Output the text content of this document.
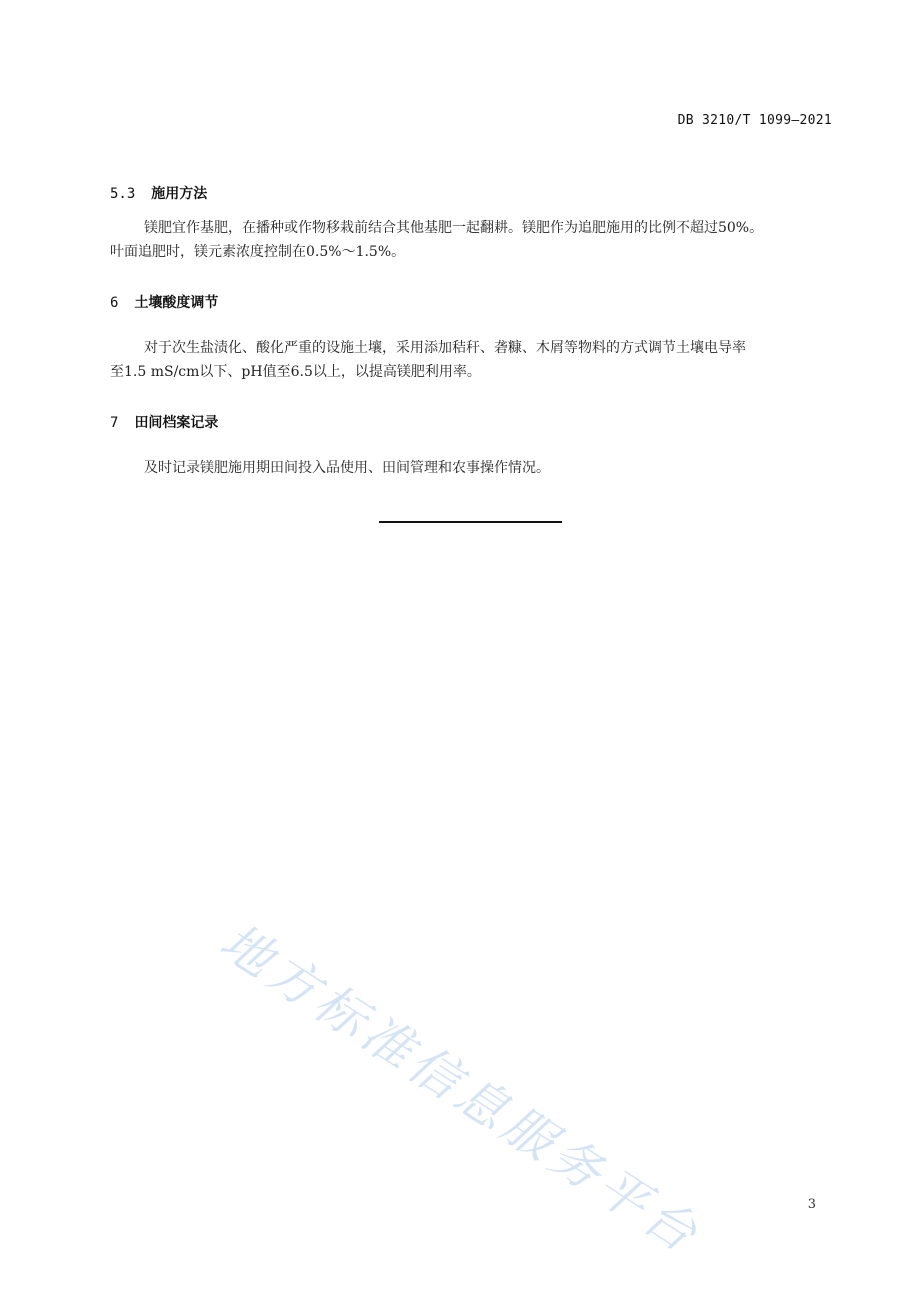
DB 3210/T 1099—2021
5.3 施用方法
镁肥宜作基肥，在播种或作物移栽前结合其他基肥一起翻耕。镁肥作为追肥施用的比例不超过50%。
叶面追肥时，镁元素浓度控制在0.5%～1.5%。
6 土壤酸度调节
对于次生盐渍化、酸化严重的设施土壤，采用添加秸秆、砻糠、木屑等物料的方式调节土壤电导率
至1.5 mS/cm以下、pH值至6.5以上，以提高镁肥利用率。
7 田间档案记录
及时记录镁肥施用期田间投入品使用、田间管理和农事操作情况。
地方标准信息服务平台	3
